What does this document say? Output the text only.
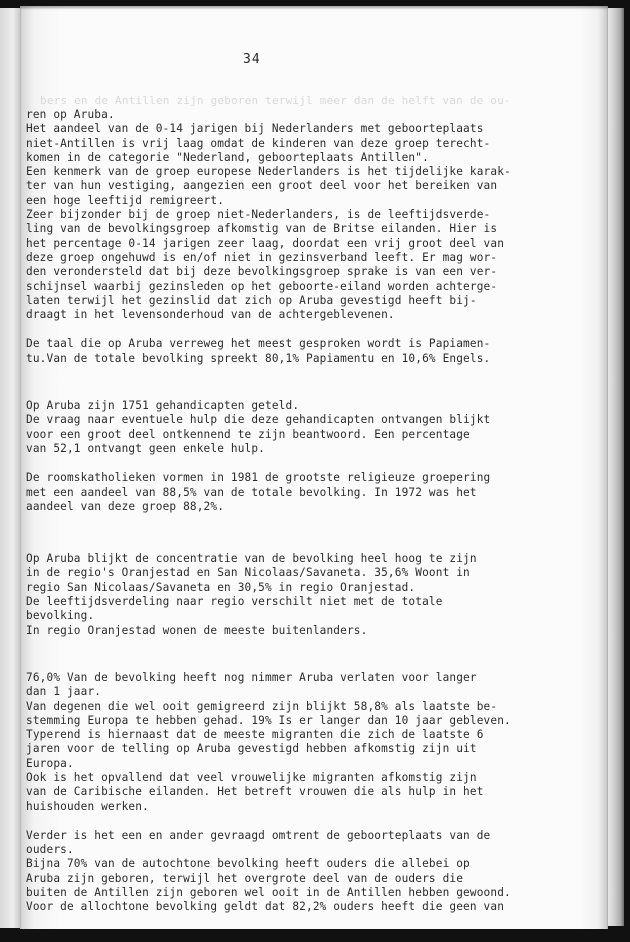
34
bers en de Antillen zijn geboren terwijl meer dan de helft van de ou-
ren op Aruba.
Het aandeel van de 0-14 jarigen bij Nederlanders met geboorteplaats
niet-Antillen is vrij laag omdat de kinderen van deze groep terecht-
komen in de categorie "Nederland, geboorteplaats Antillen".
Een kenmerk van de groep europese Nederlanders is het tijdelijke karak-
ter van hun vestiging, aangezien een groot deel voor het bereiken van
een hoge leeftijd remigreert.
Zeer bijzonder bij de groep niet-Nederlanders, is de leeftijdsverde-
ling van de bevolkingsgroep afkomstig van de Britse eilanden. Hier is
het percentage 0-14 jarigen zeer laag, doordat een vrij groot deel van
deze groep ongehuwd is en/of niet in gezinsverband leeft. Er mag wor-
den verondersteld dat bij deze bevolkingsgroep sprake is van een ver-
schijnsel waarbij gezinsleden op het geboorte-eiland worden achterge-
laten terwijl het gezinslid dat zich op Aruba gevestigd heeft bij-
draagt in het levensonderhoud van de achtergeblevenen.
De taal die op Aruba verreweg het meest gesproken wordt is Papiamen-
tu.Van de totale bevolking spreekt 80,1% Papiamentu en 10,6% Engels.
Op Aruba zijn 1751 gehandicapten geteld.
De vraag naar eventuele hulp die deze gehandicapten ontvangen blijkt
voor een groot deel ontkennend te zijn beantwoord. Een percentage
van 52,1 ontvangt geen enkele hulp.
De roomskatholieken vormen in 1981 de grootste religieuze groepering
met een aandeel van 88,5% van de totale bevolking. In 1972 was het
aandeel van deze groep 88,2%.
Op Aruba blijkt de concentratie van de bevolking heel hoog te zijn
in de regio's Oranjestad en San Nicolaas/Savaneta. 35,6% Woont in
regio San Nicolaas/Savaneta en 30,5% in regio Oranjestad.
De leeftijdsverdeling naar regio verschilt niet met de totale
bevolking.
In regio Oranjestad wonen de meeste buitenlanders.
76,0% Van de bevolking heeft nog nimmer Aruba verlaten voor langer
dan 1 jaar.
Van degenen die wel ooit gemigreerd zijn blijkt 58,8% als laatste be-
stemming Europa te hebben gehad. 19% Is er langer dan 10 jaar gebleven.
Typerend is hiernaast dat de meeste migranten die zich de laatste 6
jaren voor de telling op Aruba gevestigd hebben afkomstig zijn uit
Europa.
Ook is het opvallend dat veel vrouwelijke migranten afkomstig zijn
van de Caribische eilanden. Het betreft vrouwen die als hulp in het
huishouden werken.
Verder is het een en ander gevraagd omtrent de geboorteplaats van de
ouders.
Bijna 70% van de autochtone bevolking heeft ouders die allebei op
Aruba zijn geboren, terwijl het overgrote deel van de ouders die
buiten de Antillen zijn geboren wel ooit in de Antillen hebben gewoond.
Voor de allochtone bevolking geldt dat 82,2% ouders heeft die geen van
